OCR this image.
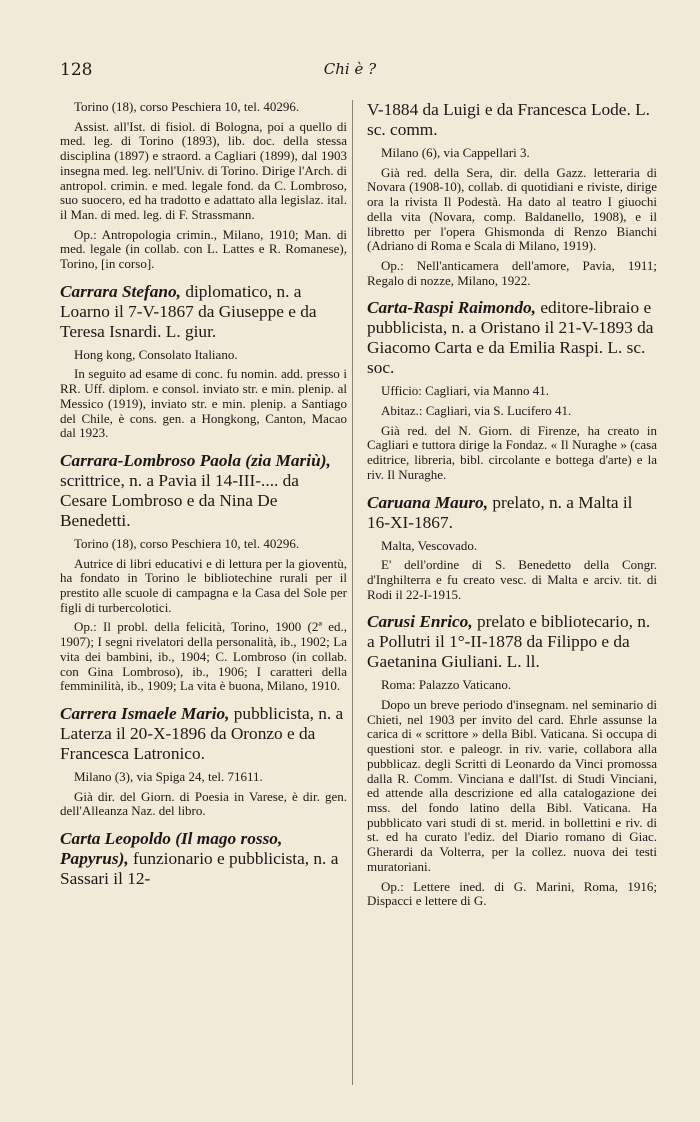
128	Chi è ?

Torino (18), corso Peschiera 10, tel. 40296.

Assist. all'Ist. di fisiol. di Bologna, poi a quello di med. leg. di Torino (1893), lib. doc. della stessa disciplina (1897) e straord. a Cagliari (1899), dal 1903 insegna med. leg. nell'Univ. di Torino. Dirige l'Arch. di antropol. crimin. e med. legale fond. da C. Lombroso, suo suocero, ed ha tradotto e adattato alla legislaz. ital. il Man. di med. leg. di F. Strassmann.

Op.: Antropologia crimin., Milano, 1910; Man. di med. legale (in collab. con L. Lattes e R. Romanese), Torino, [in corso].

Carrara Stefano, diplomatico, n. a Loarno il 7-V-1867 da Giuseppe e da Teresa Isnardi. L. giur.

Hong kong, Consolato Italiano.

In seguito ad esame di conc. fu nomin. add. presso i RR. Uff. diplom. e consol. inviato str. e min. plenip. al Messico (1919), inviato str. e min. plenip. a Santiago del Chile, è cons. gen. a Hongkong, Canton, Macao dal 1923.

Carrara-Lombroso Paola (zia Mariù), scrittrice, n. a Pavia il 14-III-.... da Cesare Lombroso e da Nina De Benedetti.

Torino (18), corso Peschiera 10, tel. 40296.

Autrice di libri educativi e di lettura per la gioventù, ha fondato in Torino le bibliotechine rurali per il prestito alle scuole di campagna e la Casa del Sole per figli di turbercolotici.

Op.: Il probl. della felicità, Torino, 1900 (2ª ed., 1907); I segni rivelatori della personalità, ib., 1902; La vita dei bambini, ib., 1904; C. Lombroso (in collab. con Gina Lombroso), ib., 1906; I caratteri della femminilità, ib., 1909; La vita è buona, Milano, 1910.

Carrera Ismaele Mario, pubblicista, n. a Laterza il 20-X-1896 da Oronzo e da Francesca Latronico.

Milano (3), via Spiga 24, tel. 71611.

Già dir. del Giorn. di Poesia in Varese, è dir. gen. dell'Alleanza Naz. del libro.

Carta Leopoldo (Il mago rosso, Papyrus), funzionario e pubblicista, n. a Sassari il 12-
V-1884 da Luigi e da Francesca Lode. L. sc. comm.

Milano (6), via Cappellari 3.

Già red. della Sera, dir. della Gazz. letteraria di Novara (1908-10), collab. di quotidiani e riviste, dirige ora la rivista Il Podestà. Ha dato al teatro I giuochi della vita (Novara, comp. Baldanello, 1908), e il libretto per l'opera Ghismonda di Renzo Bianchi (Adriano di Roma e Scala di Milano, 1919).

Op.: Nell'anticamera dell'amore, Pavia, 1911; Regalo di nozze, Milano, 1922.

Carta-Raspi Raimondo, editore-libraio e pubblicista, n. a Oristano il 21-V-1893 da Giacomo Carta e da Emilia Raspi. L. sc. soc.

Ufficio: Cagliari, via Manno 41.

Abitaz.: Cagliari, via S. Lucifero 41.

Già red. del N. Giorn. di Firenze, ha creato in Cagliari e tuttora dirige la Fondaz. « Il Nuraghe » (casa editrice, libreria, bibl. circolante e bottega d'arte) e la riv. Il Nuraghe.

Caruana Mauro, prelato, n. a Malta il 16-XI-1867.

Malta, Vescovado.

E' dell'ordine di S. Benedetto della Congr. d'Inghilterra e fu creato vesc. di Malta e arciv. tit. di Rodi il 22-I-1915.

Carusi Enrico, prelato e bibliotecario, n. a Pollutri il 1°-II-1878 da Filippo e da Gaetanina Giuliani. L. ll.

Roma: Palazzo Vaticano.

Dopo un breve periodo d'insegnam. nel seminario di Chieti, nel 1903 per invito del card. Ehrle assunse la carica di « scrittore » della Bibl. Vaticana. Si occupa di questioni stor. e paleogr. in riv. varie, collabora alla pubblicaz. degli Scritti di Leonardo da Vinci promossa dalla R. Comm. Vinciana e dall'Ist. di Studi Vinciani, ed attende alla descrizione ed alla catalogazione dei mss. del fondo latino della Bibl. Vaticana. Ha pubblicato vari studi di st. merid. in bollettini e riv. di st. ed ha curato l'ediz. del Diario romano di Giac. Gherardi da Volterra, per la collez. nuova dei testi muratoriani.

Op.: Lettere ined. di G. Marini, Roma, 1916; Dispacci e lettere di G.
